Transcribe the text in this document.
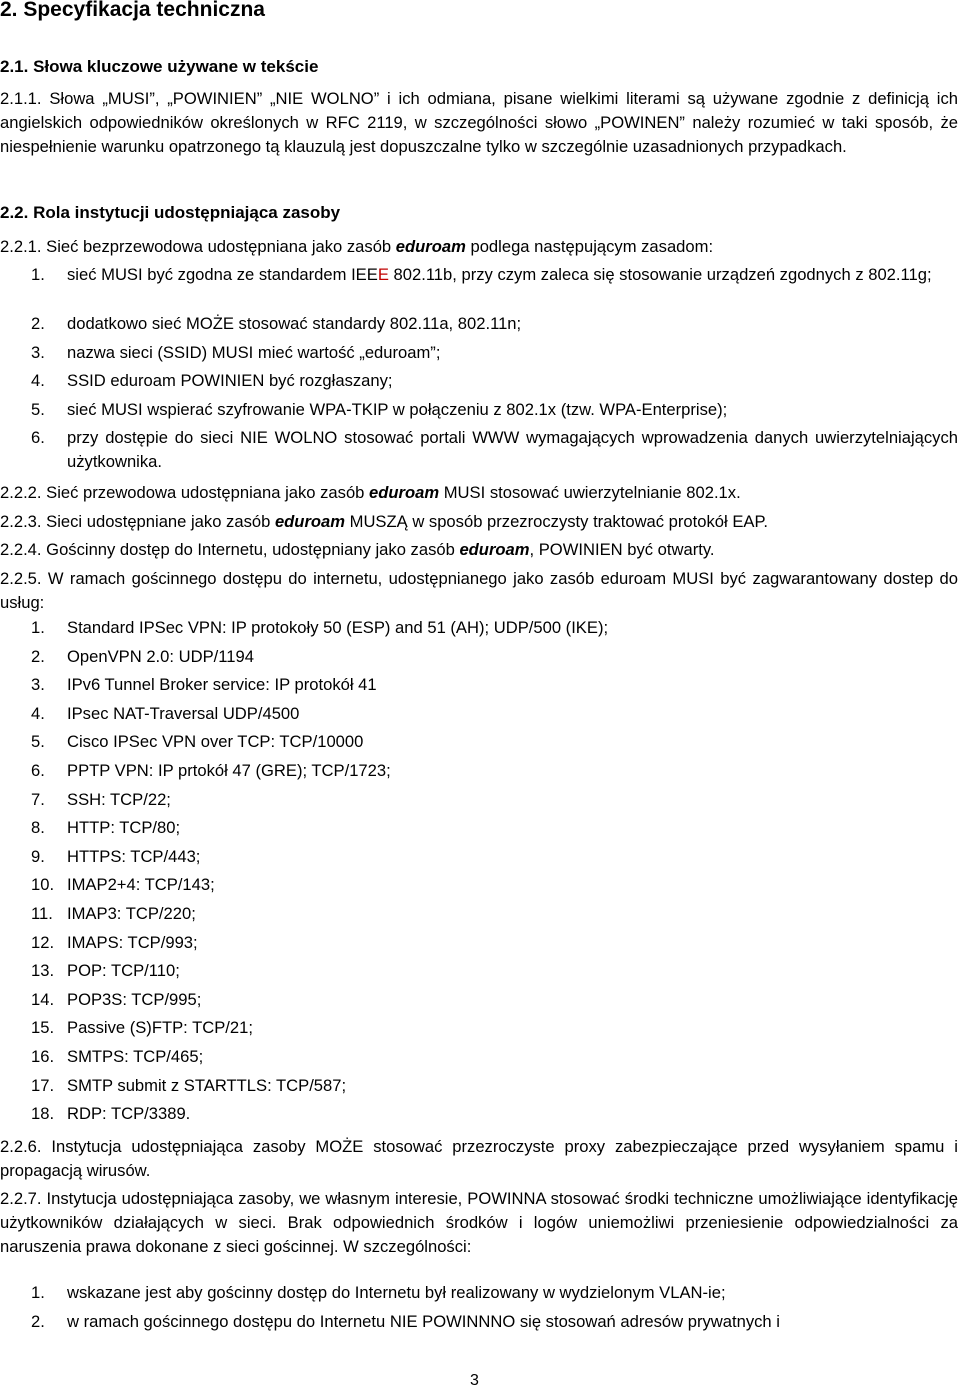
2. Specyfikacja techniczna
2.1. Słowa kluczowe używane w tekście
2.1.1. Słowa „MUSI”, „POWINIEN” „NIE WOLNO” i ich odmiana, pisane wielkimi literami są używane zgodnie z definicją ich angielskich odpowiedników określonych w RFC 2119, w szczególności słowo „POWINEN” należy rozumieć w taki sposób, że niespełnienie warunku opatrzonego tą klauzulą jest dopuszczalne tylko w szczególnie uzasadnionych przypadkach.
2.2. Rola instytucji udostępniająca zasoby
2.2.1. Sieć bezprzewodowa udostępniana jako zasób eduroam podlega następującym zasadom:
1. sieć MUSI być zgodna ze standardem IEEE 802.11b, przy czym zaleca się stosowanie urządzeń zgodnych z 802.11g;
2. dodatkowo sieć MOŻE stosować standardy 802.11a, 802.11n;
3. nazwa sieci (SSID) MUSI mieć wartość „eduroam”;
4. SSID eduroam POWINIEN być rozgłaszany;
5. sieć MUSI wspierać szyfrowanie WPA-TKIP w połączeniu z 802.1x (tzw. WPA-Enterprise);
6. przy dostępie do sieci NIE WOLNO stosować portali WWW wymagających wprowadzenia danych uwierzytelniających użytkownika.
2.2.2. Sieć przewodowa udostępniana jako zasób eduroam MUSI stosować uwierzytelnianie 802.1x.
2.2.3. Sieci udostępniane jako zasób eduroam MUSZĄ w sposób przezroczysty traktować protokół EAP.
2.2.4. Gościnny dostęp do Internetu, udostępniany jako zasób eduroam, POWINIEN być otwarty.
2.2.5. W ramach gościnnego dostępu do internetu, udostępnianego jako zasób eduroam MUSI być zagwarantowany dostep do usług:
1. Standard IPSec VPN: IP protokoły 50 (ESP) and 51 (AH); UDP/500 (IKE);
2. OpenVPN 2.0: UDP/1194
3. IPv6 Tunnel Broker service: IP protokół 41
4. IPsec NAT-Traversal UDP/4500
5. Cisco IPSec VPN over TCP: TCP/10000
6. PPTP VPN: IP prtokół 47 (GRE); TCP/1723;
7. SSH: TCP/22;
8. HTTP: TCP/80;
9. HTTPS: TCP/443;
10. IMAP2+4: TCP/143;
11. IMAP3: TCP/220;
12. IMAPS: TCP/993;
13. POP: TCP/110;
14. POP3S: TCP/995;
15. Passive (S)FTP: TCP/21;
16. SMTPS: TCP/465;
17. SMTP submit z STARTTLS: TCP/587;
18. RDP: TCP/3389.
2.2.6. Instytucja udostępniająca zasoby MOŻE stosować przezroczyste proxy zabezpieczające przed wysyłaniem spamu i propagacją wirusów.
2.2.7. Instytucja udostępniająca zasoby, we własnym interesie, POWINNA stosować środki techniczne umożliwiające identyfikację użytkowników działających w sieci. Brak odpowiednich środków i logów uniemożliwi przeniesienie odpowiedzialności za naruszenia prawa dokonane z sieci gościnnej. W szczególności:
1. wskazane jest aby gościnny dostęp do Internetu był realizowany w wydzielonym VLAN-ie;
2. w ramach gościnnego dostępu do Internetu NIE POWINNNO się stosowań adresów prywatnych i
3
